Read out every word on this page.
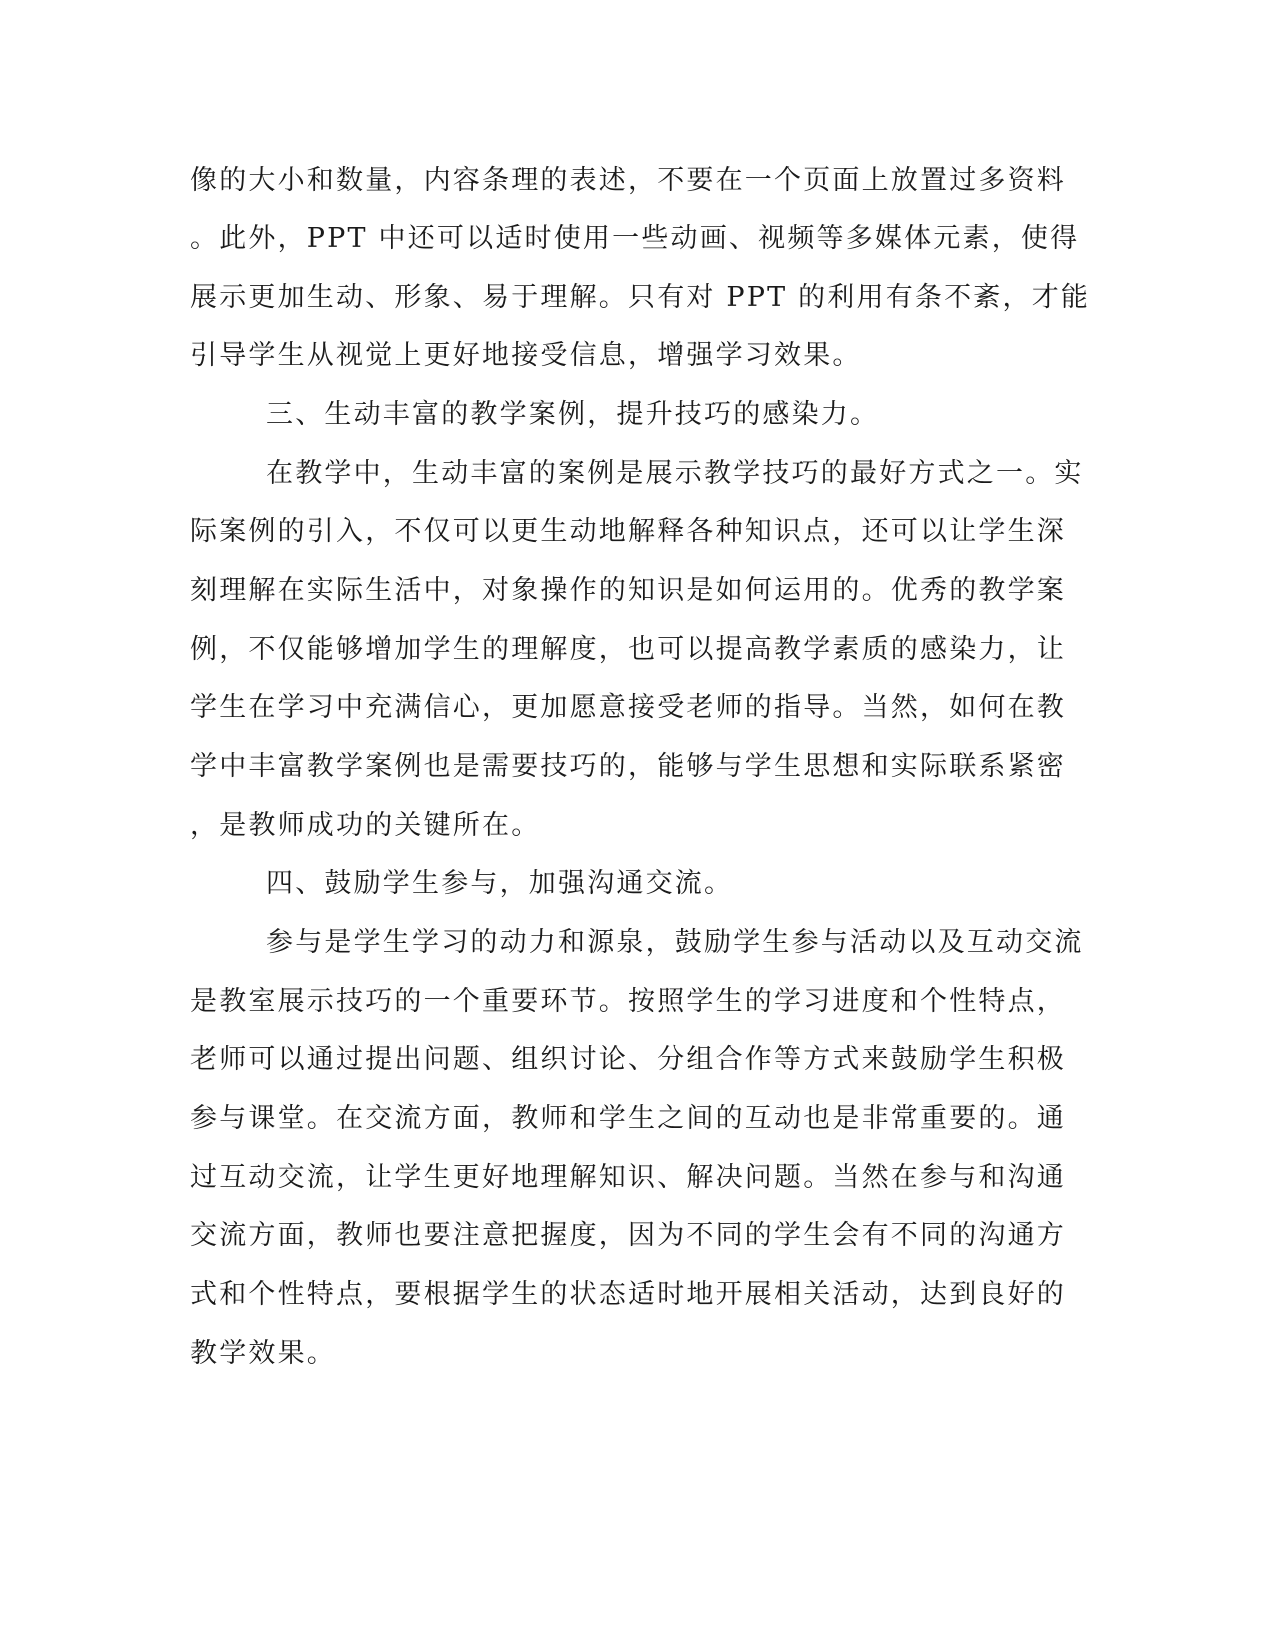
像的大小和数量，内容条理的表述，不要在一个页面上放置过多资料
。此外，PPT 中还可以适时使用一些动画、视频等多媒体元素，使得
展示更加生动、形象、易于理解。只有对 PPT 的利用有条不紊，才能
引导学生从视觉上更好地接受信息，增强学习效果。
三、生动丰富的教学案例，提升技巧的感染力。
在教学中，生动丰富的案例是展示教学技巧的最好方式之一。实
际案例的引入，不仅可以更生动地解释各种知识点，还可以让学生深
刻理解在实际生活中，对象操作的知识是如何运用的。优秀的教学案
例，不仅能够增加学生的理解度，也可以提高教学素质的感染力，让
学生在学习中充满信心，更加愿意接受老师的指导。当然，如何在教
学中丰富教学案例也是需要技巧的，能够与学生思想和实际联系紧密
，是教师成功的关键所在。
四、鼓励学生参与，加强沟通交流。
参与是学生学习的动力和源泉，鼓励学生参与活动以及互动交流
是教室展示技巧的一个重要环节。按照学生的学习进度和个性特点，
老师可以通过提出问题、组织讨论、分组合作等方式来鼓励学生积极
参与课堂。在交流方面，教师和学生之间的互动也是非常重要的。通
过互动交流，让学生更好地理解知识、解决问题。当然在参与和沟通
交流方面，教师也要注意把握度，因为不同的学生会有不同的沟通方
式和个性特点，要根据学生的状态适时地开展相关活动，达到良好的
教学效果。
